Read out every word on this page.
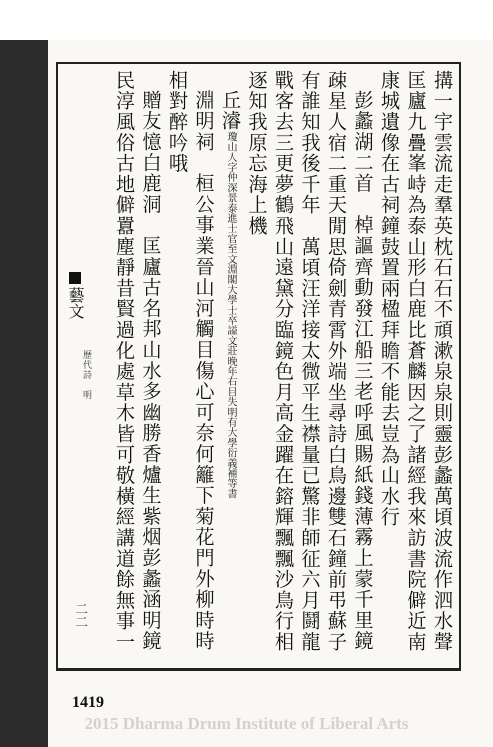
藝文
　　歷代詩　明
二二	搆一宇雲流走羣英枕石石不頑漱泉泉則靈彭蠡萬頃波流作泗水聲
匡廬九疊峯峙為泰山形白鹿比蒼麟因之了諸經我來訪書院僻近南
康城遺像在古祠鐘鼓置兩楹拜瞻不能去豈為山水行
彭蠡湖二首　棹謳齊動發江船三老呼風賜紙錢薄霧上蒙千里鏡
疎星人宿二重天閒思倚劍青霄外端坐尋詩白鳥邊雙石鐘前弔蘇子
有誰知我後千年　萬頃汪洋接太微平生襟量已驚非師征六月鬪龍
戰客去三更夢鶴飛山遠黛分臨鏡色月高金躍在鎔輝飄飄沙鳥行相
逐知我原忘海上機
丘濬瓊山人字仲深景泰進士官至文淵閣大學士卒謚文莊晚年右目失明有大學衍義補等書
淵明祠　桓公事業晉山河觸目傷心可奈何籬下菊花門外柳時時
相對醉吟哦
贈友憶白鹿洞　匡廬古名邦山水多幽勝香爐生紫烟彭蠡涵明鏡
民淳風俗古地僻囂塵靜昔賢過化處草木皆可敬橫經講道餘無事一
1419
2015 Dharma Drum Institute of Liberal Arts
